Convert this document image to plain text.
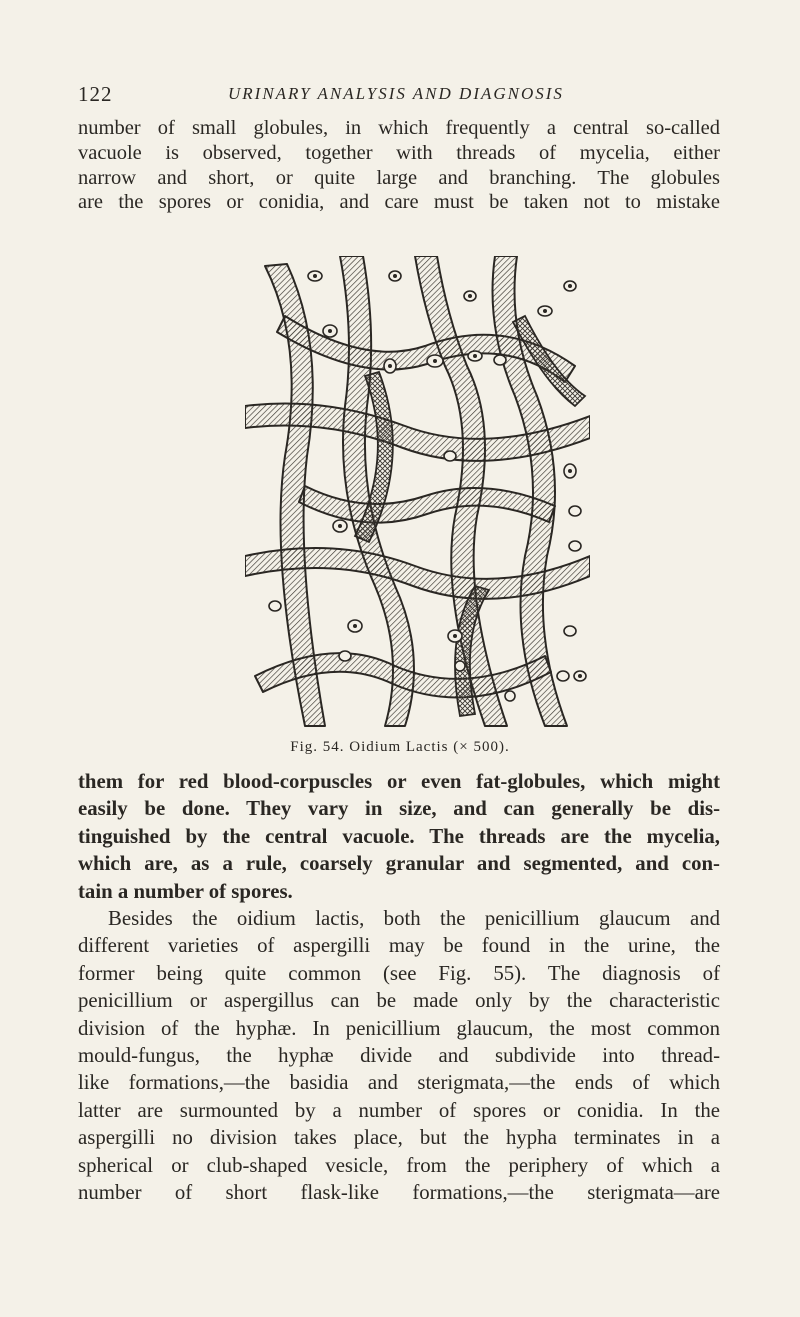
122	URINARY ANALYSIS AND DIAGNOSIS
number of small globules, in which frequently a central so-called
vacuole is observed, together with threads of mycelia, either
narrow and short, or quite large and branching. The globules
are the spores or conidia, and care must be taken not to mistake
Fig. 54. Oidium Lactis (× 500).
them for red blood-corpuscles or even fat-globules, which might
easily be done. They vary in size, and can generally be dis-
tinguished by the central vacuole. The threads are the mycelia,
which are, as a rule, coarsely granular and segmented, and con-
tain a number of spores.
Besides the oidium lactis, both the penicillium glaucum and
different varieties of aspergilli may be found in the urine, the
former being quite common (see Fig. 55). The diagnosis of
penicillium or aspergillus can be made only by the characteristic
division of the hyphæ. In penicillium glaucum, the most common
mould-fungus, the hyphæ divide and subdivide into thread-
like formations,—the basidia and sterigmata,—the ends of which
latter are surmounted by a number of spores or conidia. In the
aspergilli no division takes place, but the hypha terminates in a
spherical or club-shaped vesicle, from the periphery of which a
number of short flask-like formations,—the sterigmata—are
